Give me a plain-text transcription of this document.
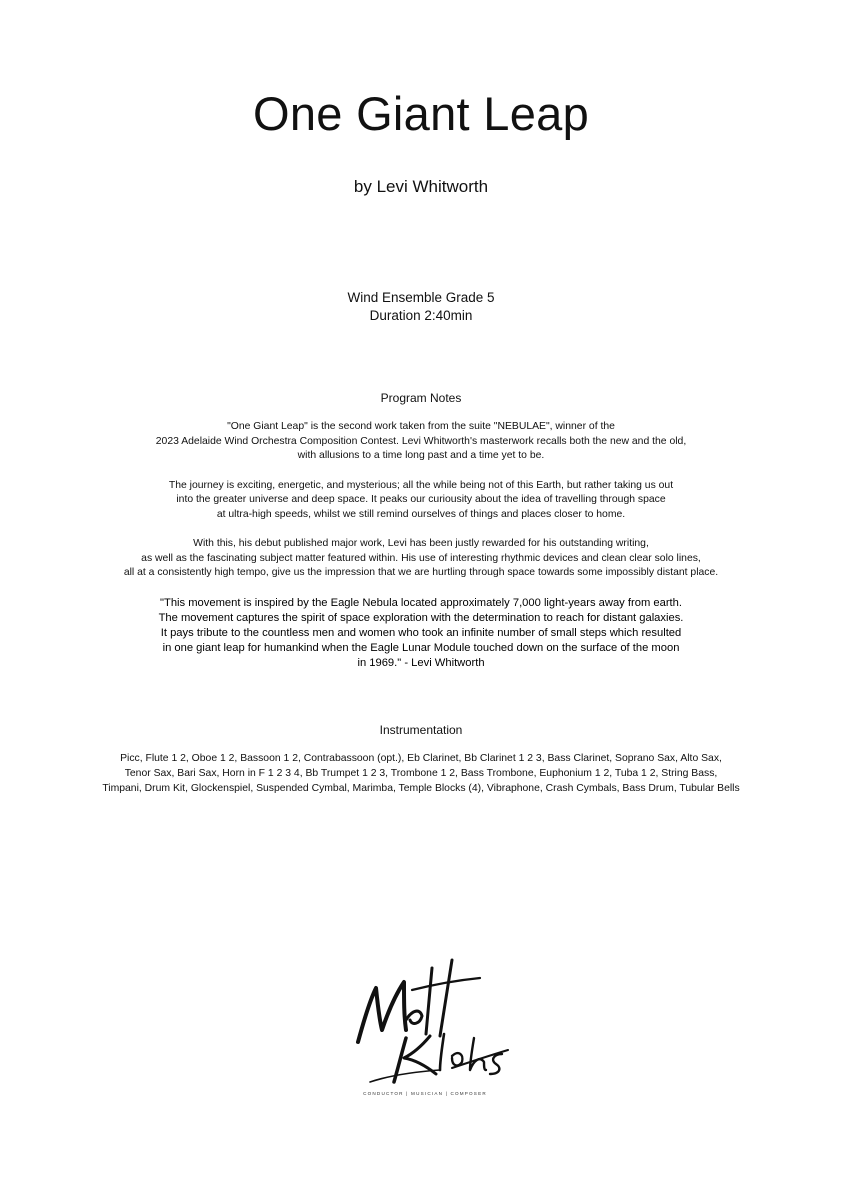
One Giant Leap
by Levi Whitworth
Wind Ensemble Grade 5
Duration 2:40min
Program Notes

"One Giant Leap" is the second work taken from the suite "NEBULAE", winner of the
2023 Adelaide Wind Orchestra Composition Contest. Levi Whitworth's masterwork recalls both the new and the old,
with allusions to a time long past and a time yet to be.

The journey is exciting, energetic, and mysterious; all the while being not of this Earth, but rather taking us out
into the greater universe and deep space. It peaks our curiousity about the idea of travelling through space
at ultra-high speeds, whilst we still remind ourselves of things and places closer to home.

With this, his debut published major work, Levi has been justly rewarded for his outstanding writing,
as well as the fascinating subject matter featured within. His use of interesting rhythmic devices and clean clear solo lines,
all at a consistently high tempo, give us the impression that we are hurtling through space towards some impossibly distant place.

"This movement is inspired by the Eagle Nebula located approximately 7,000 light-years away from earth.
The movement captures the spirit of space exploration with the determination to reach for distant galaxies.
It pays tribute to the countless men and women who took an infinite number of small steps which resulted
in one giant leap for humankind when the Eagle Lunar Module touched down on the surface of the moon
in 1969." - Levi Whitworth

Instrumentation
Picc, Flute 1 2, Oboe 1 2, Bassoon 1 2, Contrabassoon (opt.), Eb Clarinet, Bb Clarinet 1 2 3, Bass Clarinet, Soprano Sax, Alto Sax,
Tenor Sax, Bari Sax, Horn in F 1 2 3 4, Bb Trumpet 1 2 3, Trombone 1 2, Bass Trombone, Euphonium 1 2, Tuba 1 2, String Bass,
Timpani, Drum Kit, Glockenspiel, Suspended Cymbal, Marimba, Temple Blocks (4), Vibraphone, Crash Cymbals, Bass Drum, Tubular Bells
CONDUCTOR | MUSICIAN | COMPOSER
